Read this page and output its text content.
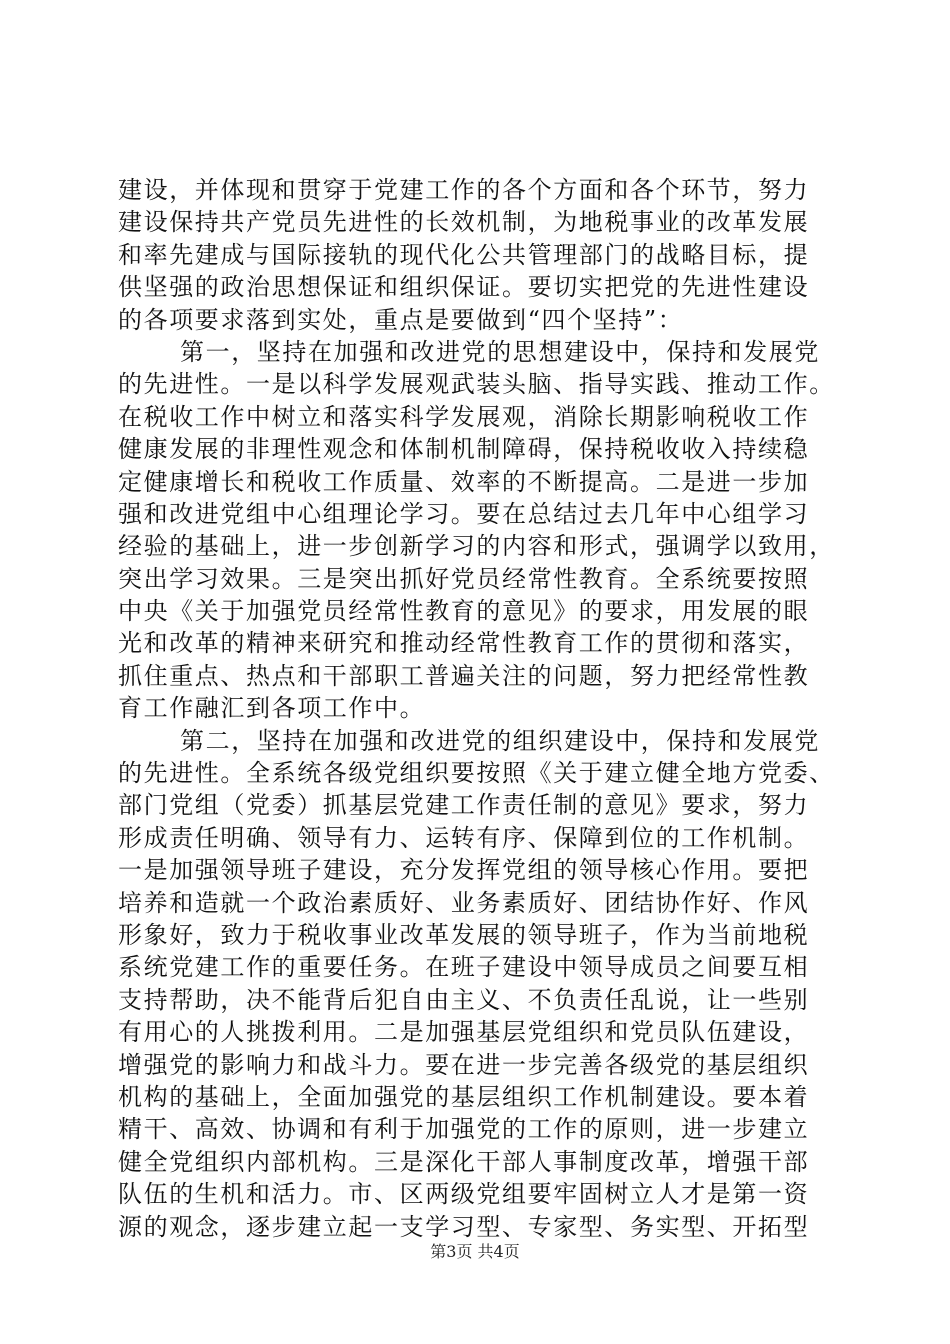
建设，并体现和贯穿于党建工作的各个方面和各个环节，努力
建设保持共产党员先进性的长效机制，为地税事业的改革发展
和率先建成与国际接轨的现代化公共管理部门的战略目标，提
供坚强的政治思想保证和组织保证。要切实把党的先进性建设
的各项要求落到实处，重点是要做到“四个坚持”：
第一，坚持在加强和改进党的思想建设中，保持和发展党
的先进性。一是以科学发展观武装头脑、指导实践、推动工作。
在税收工作中树立和落实科学发展观，消除长期影响税收工作
健康发展的非理性观念和体制机制障碍，保持税收收入持续稳
定健康增长和税收工作质量、效率的不断提高。二是进一步加
强和改进党组中心组理论学习。要在总结过去几年中心组学习
经验的基础上，进一步创新学习的内容和形式，强调学以致用，
突出学习效果。三是突出抓好党员经常性教育。全系统要按照
中央《关于加强党员经常性教育的意见》的要求，用发展的眼
光和改革的精神来研究和推动经常性教育工作的贯彻和落实，
抓住重点、热点和干部职工普遍关注的问题，努力把经常性教
育工作融汇到各项工作中。
第二，坚持在加强和改进党的组织建设中，保持和发展党
的先进性。全系统各级党组织要按照《关于建立健全地方党委、
部门党组（党委）抓基层党建工作责任制的意见》要求，努力
形成责任明确、领导有力、运转有序、保障到位的工作机制。
一是加强领导班子建设，充分发挥党组的领导核心作用。要把
培养和造就一个政治素质好、业务素质好、团结协作好、作风
形象好，致力于税收事业改革发展的领导班子，作为当前地税
系统党建工作的重要任务。在班子建设中领导成员之间要互相
支持帮助，决不能背后犯自由主义、不负责任乱说，让一些别
有用心的人挑拨利用。二是加强基层党组织和党员队伍建设，
增强党的影响力和战斗力。要在进一步完善各级党的基层组织
机构的基础上，全面加强党的基层组织工作机制建设。要本着
精干、高效、协调和有利于加强党的工作的原则，进一步建立
健全党组织内部机构。三是深化干部人事制度改革，增强干部
队伍的生机和活力。市、区两级党组要牢固树立人才是第一资
源的观念，逐步建立起一支学习型、专家型、务实型、开拓型
第3页 共4页
